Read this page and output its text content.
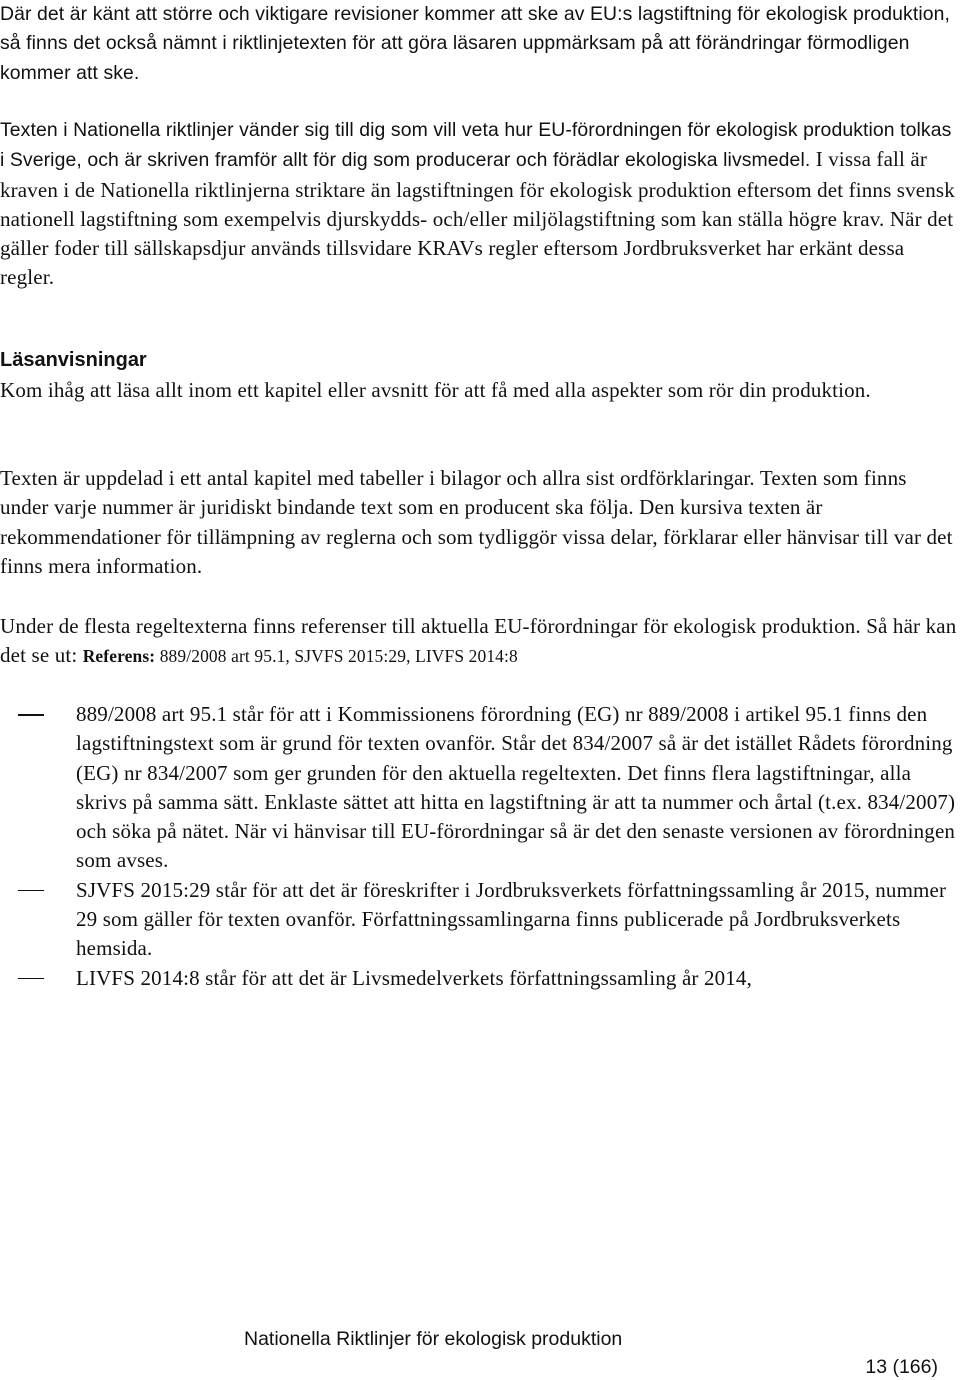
Där det är känt att större och viktigare revisioner kommer att ske av EU:s lagstiftning för ekologisk produktion, så finns det också nämnt i riktlinjetexten för att göra läsaren uppmärksam på att förändringar förmodligen kommer att ske.

Texten i Nationella riktlinjer vänder sig till dig som vill veta hur EU-förordningen för ekologisk produktion tolkas i Sverige, och är skriven framför allt för dig som producerar och förädlar ekologiska livsmedel. I vissa fall är kraven i de Nationella riktlinjerna striktare än lagstiftningen för ekologisk produktion eftersom det finns svensk nationell lagstiftning som exempelvis djurskydds- och/eller miljölagstiftning som kan ställa högre krav. När det gäller foder till sällskapsdjur används tillsvidare KRAVs regler eftersom Jordbruksverket har erkänt dessa regler.

Läsanvisningar

Kom ihåg att läsa allt inom ett kapitel eller avsnitt för att få med alla aspekter som rör din produktion.

Texten är uppdelad i ett antal kapitel med tabeller i bilagor och allra sist ordförklaringar. Texten som finns under varje nummer är juridiskt bindande text som en producent ska följa. Den kursiva texten är rekommendationer för tillämpning av reglerna och som tydliggör vissa delar, förklarar eller hänvisar till var det finns mera information.

Under de flesta regeltexterna finns referenser till aktuella EU-förordningar för ekologisk produktion. Så här kan det se ut: Referens: 889/2008 art 95.1, SJVFS 2015:29, LIVFS 2014:8

889/2008 art 95.1 står för att i Kommissionens förordning (EG) nr 889/2008 i artikel 95.1 finns den lagstiftningstext som är grund för texten ovanför. Står det 834/2007 så är det istället Rådets förordning (EG) nr 834/2007 som ger grunden för den aktuella regeltexten. Det finns flera lagstiftningar, alla skrivs på samma sätt. Enklaste sättet att hitta en lagstiftning är att ta nummer och årtal (t.ex. 834/2007) och söka på nätet. När vi hänvisar till EU-förordningar så är det den senaste versionen av förordningen som avses.
SJVFS 2015:29 står för att det är föreskrifter i Jordbruksverkets författningssamling år 2015, nummer 29 som gäller för texten ovanför. Författningssamlingarna finns publicerade på Jordbruksverkets hemsida.
LIVFS 2014:8 står för att det är Livsmedelverkets författningssamling år 2014,

Nationella Riktlinjer för ekologisk produktion

13 (166)
